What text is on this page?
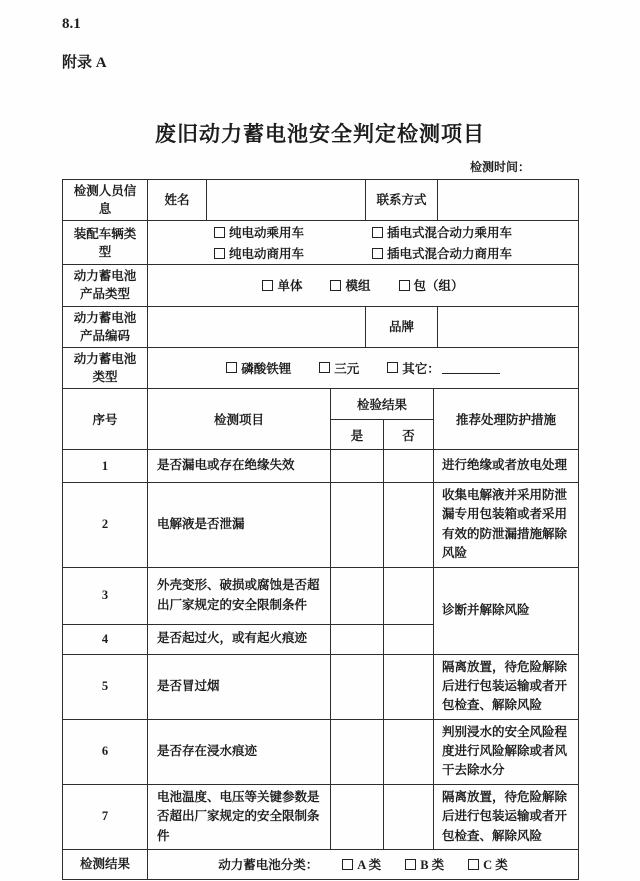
8.1
附录 A
废旧动力蓄电池安全判定检测项目
检测时间：
检测人员信息	姓名		联系方式	
装配车辆类型	纯电动乘用车 插电式混合动力乘用车
纯电动商用车 插电式混合动力商用车			

动力蓄电池产品类型	单体 模组 包（组）			

动力蓄电池产品编码			品牌	
动力蓄电池类型	磷酸铁锂 三元 其它：			
序号	检测项目	检验结果		推荐处理防护措施
		是	否	
1	是否漏电或存在绝缘失效			进行绝缘或者放电处理
2	电解液是否泄漏			收集电解液并采用防泄漏专用包装箱或者采用有效的防泄漏措施解除风险
3	外壳变形、破损或腐蚀是否超出厂家规定的安全限制条件			诊断并解除风险
4	是否起过火，或有起火痕迹			
5	是否冒过烟			隔离放置，待危险解除后进行包装运输或者开包检查、解除风险
6	是否存在浸水痕迹			判别浸水的安全风险程度进行风险解除或者风干去除水分
7	电池温度、电压等关键参数是否超出厂家规定的安全限制条件			隔离放置，待危险解除后进行包装运输或者开包检查、解除风险
检测结果	动力蓄电池分类： A 类 B 类 C 类			
